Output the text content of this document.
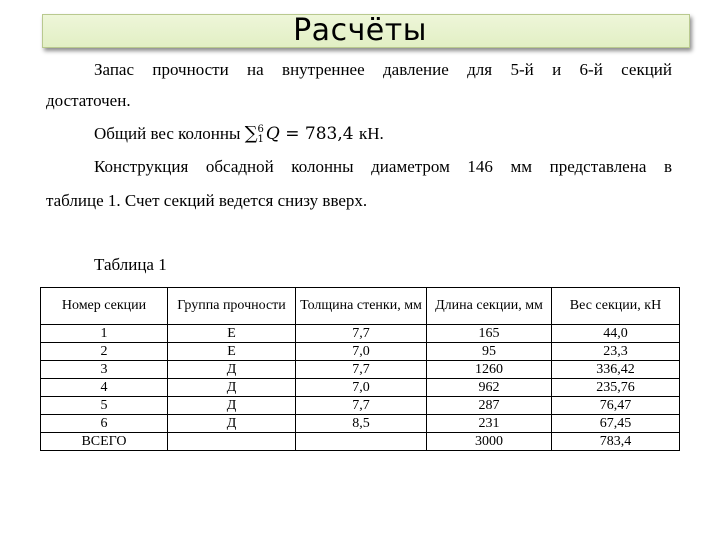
Расчёты
Запас прочности на внутреннее давление для 5-й и 6-й секций
достаточен.
Общий вес колонны ∑ 6
1 Q = 783,4 кН.
Конструкция обсадной колонны диаметром 146 мм представлена в
таблице 1. Счет секций ведется снизу вверх.
Таблица 1
Номер секции	Группа прочности	Толщина стенки, мм	Длина секции, мм	Вес секции, кН
1	Е	7,7	165	44,0
2	Е	7,0	95	23,3
3	Д	7,7	1260	336,42
4	Д	7,0	962	235,76
5	Д	7,7	287	76,47
6	Д	8,5	231	67,45
ВСЕГО			3000	783,4
